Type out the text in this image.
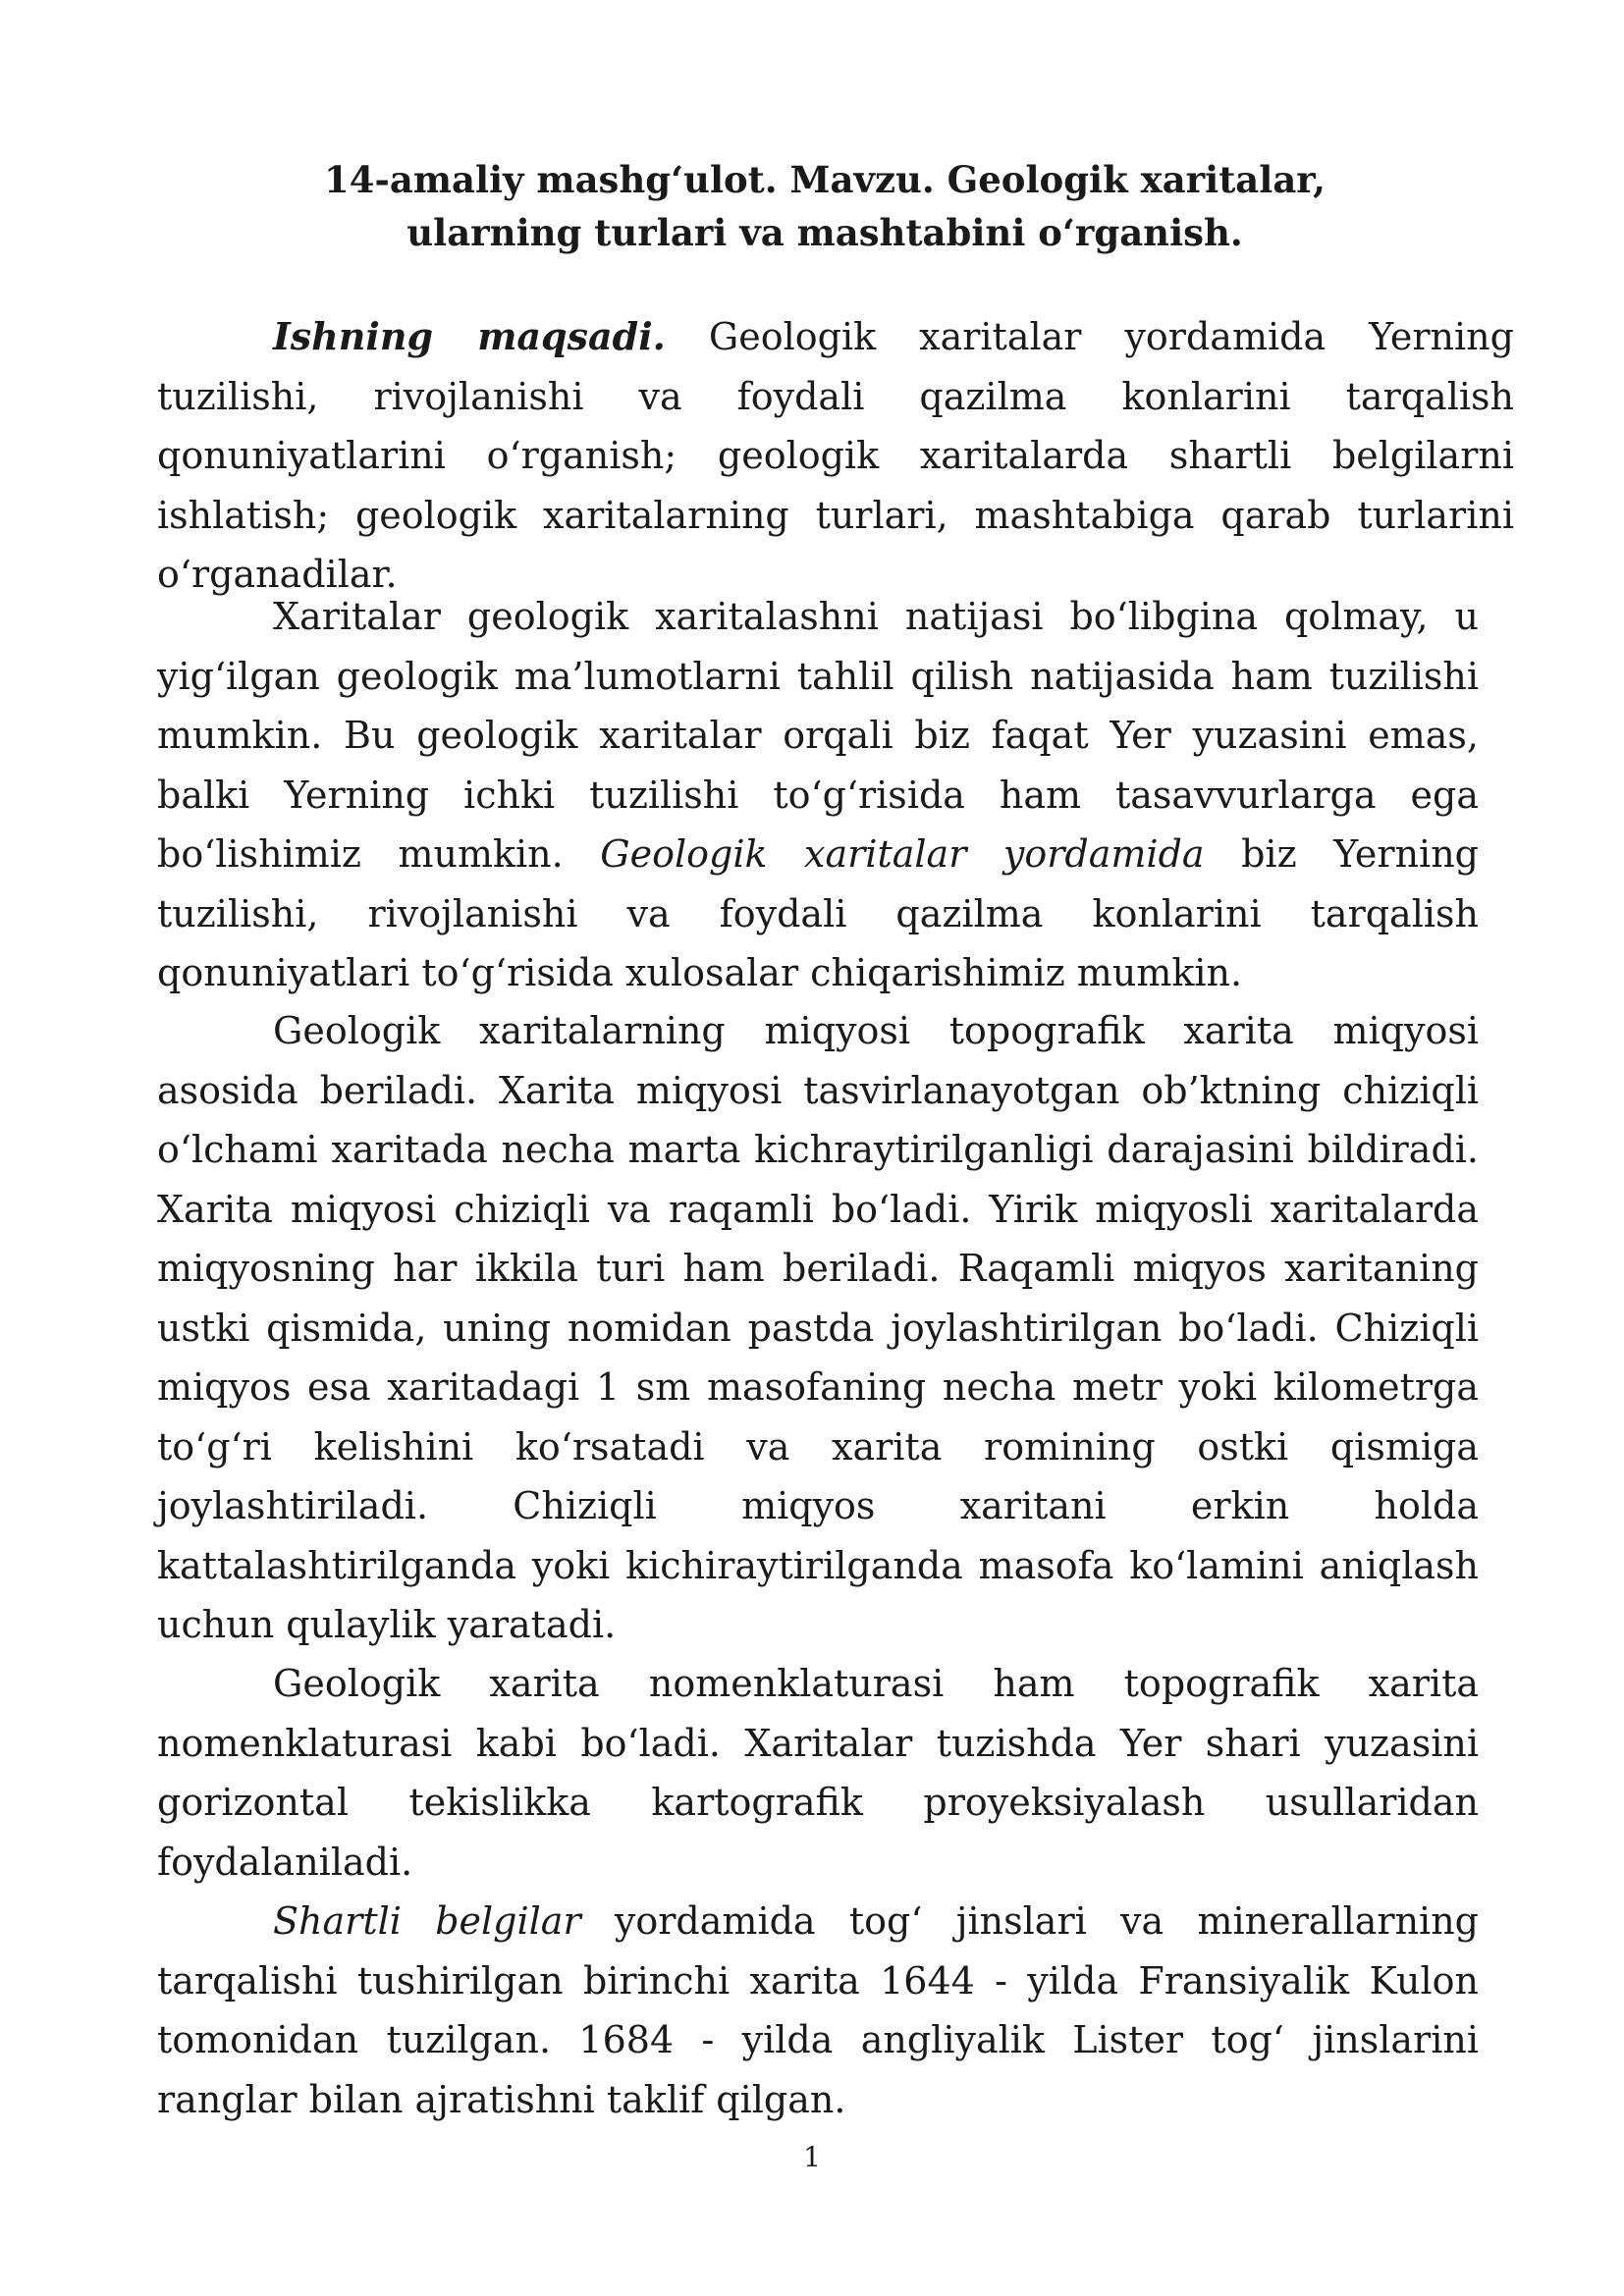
14-amaliy mashg‘ulot. Mavzu. Geologik xaritalar,
ularning turlari va mashtabini o‘rganish.

Ishning maqsadi. Geologik xaritalar yordamida Yerning tuzilishi, rivojlanishi va foydali qazilma konlarini tarqalish qonuniyatlarini o‘rganish; geologik xaritalarda shartli belgilarni ishlatish; geologik xaritalarning turlari, mashtabiga qarab turlarini o‘rganadilar.

Xaritalar geologik xaritalashni natijasi bo‘libgina qolmay, u yig‘ilgan geologik ma’lumotlarni tahlil qilish natijasida ham tuzilishi mumkin. Bu geologik xaritalar orqali biz faqat Yer yuzasini emas, balki Yerning ichki tuzilishi to‘g‘risida ham tasavvurlarga ega bo‘lishimiz mumkin. Geologik xaritalar yordamida biz Yerning tuzilishi, rivojlanishi va foydali qazilma konlarini tarqalish qonuniyatlari to‘g‘risida xulosalar chiqarishimiz mumkin.

Geologik xaritalarning miqyosi topografik xarita miqyosi asosida beriladi. Xarita miqyosi tasvirlanayotgan ob’ktning chiziqli o‘lchami xaritada necha marta kichraytirilganligi darajasini bildiradi. Xarita miqyosi chiziqli va raqamli bo‘ladi. Yirik miqyosli xaritalarda miqyosning har ikkila turi ham beriladi. Raqamli miqyos xaritaning ustki qismida, uning nomidan pastda joylashtirilgan bo‘ladi. Chiziqli miqyos esa xaritadagi 1 sm masofaning necha metr yoki kilometrga to‘g‘ri kelishini ko‘rsatadi va xarita romining ostki qismiga joylashtiriladi. Chiziqli miqyos xaritani erkin holda kattalashtirilganda yoki kichiraytirilganda masofa ko‘lamini aniqlash uchun qulaylik yaratadi.

Geologik xarita nomenklaturasi ham topografik xarita nomenklaturasi kabi bo‘ladi. Xaritalar tuzishda Yer shari yuzasini gorizontal tekislikka kartografik proyeksiyalash usullaridan foydalaniladi.

Shartli belgilar yordamida tog‘ jinslari va minerallarning tarqalishi tushirilgan birinchi xarita 1644 - yilda Fransiyalik Kulon tomonidan tuzilgan. 1684 - yilda angliyalik Lister tog‘ jinslarini ranglar bilan ajratishni taklif qilgan.

1
